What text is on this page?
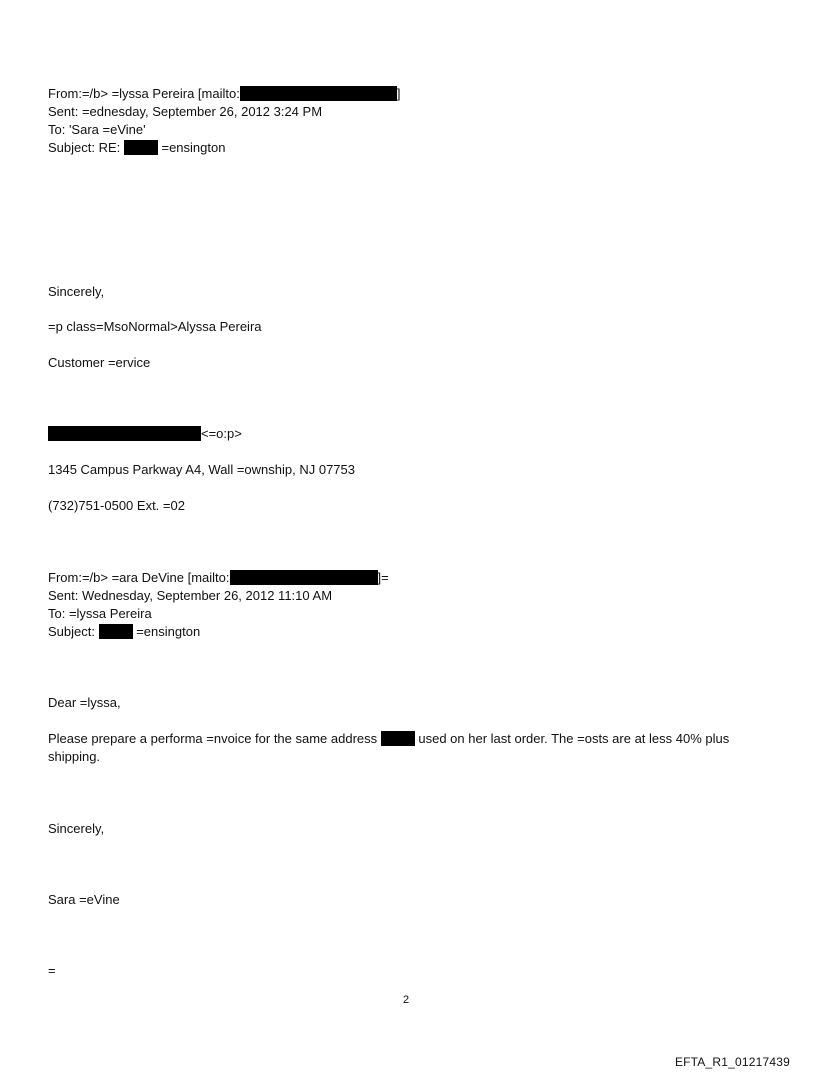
From:=/b> =lyssa Pereira [mailto:	]
Sent: =ednesday, September 26, 2012 3:24 PM
To: 'Sara =eVine'
Subject: RE:	=ensington
Sincerely,
=p class=MsoNormal>Alyssa Pereira
Customer =ervice
<=o:p>
1345 Campus Parkway A4, Wall =ownship, NJ 07753
(732)751-0500 Ext. =02
From:=/b> =ara DeVine [mailto:	]=
Sent: Wednesday, September 26, 2012 11:10 AM
To: =lyssa Pereira
Subject:	=ensington
Dear =lyssa,
Please prepare a performa =nvoice for the same address	used on her last order. The =osts are at less 40% plus shipping.
Sincerely,
Sara =eVine
=
2
EFTA_R1_01217439
